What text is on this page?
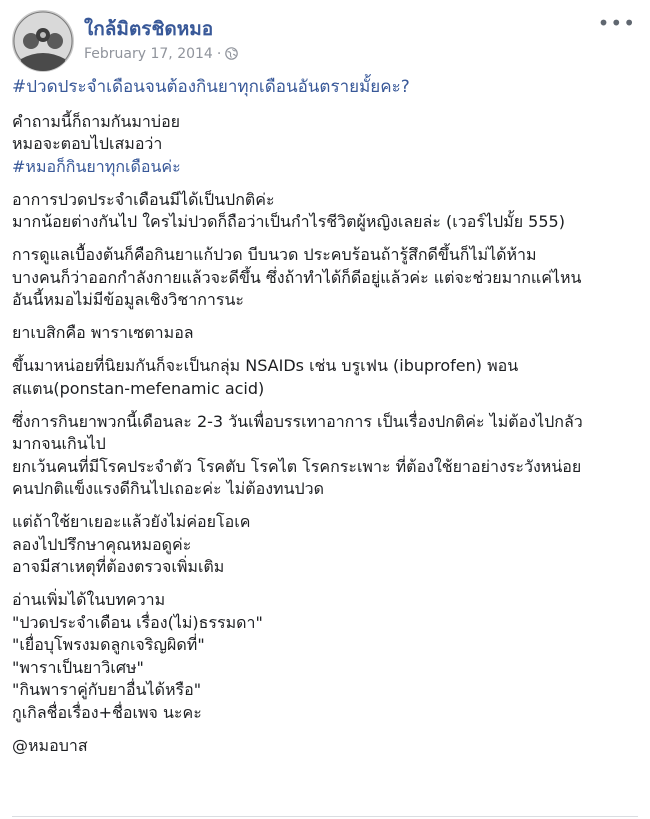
ใกล้มิตรชิดหมอ
February 17, 2014 ·
•••
#ปวดประจำเดือนจนต้องกินยาทุกเดือนอันตรายมั้ยคะ?
คำถามนี้ก็ถามกันมาบ่อย
หมอจะตอบไปเสมอว่า
#หมอก็กินยาทุกเดือนค่ะ
อาการปวดประจำเดือนมีได้เป็นปกติค่ะ
มากน้อยต่างกันไป ใครไม่ปวดก็ถือว่าเป็นกำไรชีวิตผู้หญิงเลยล่ะ (เวอร์ไปมั้ย 555)
การดูแลเบื้องต้นก็คือกินยาแก้ปวด บีบนวด ประคบร้อนถ้ารู้สึกดีขึ้นก็ไม่ได้ห้าม
บางคนก็ว่าออกกำลังกายแล้วจะดีขึ้น ซึ่งถ้าทำได้ก็ดีอยู่แล้วค่ะ แต่จะช่วยมากแค่ไหน
อันนี้หมอไม่มีข้อมูลเชิงวิชาการนะ
ยาเบสิกคือ พาราเซตามอล
ขึ้นมาหน่อยที่นิยมกันก็จะเป็นกลุ่ม NSAIDs เช่น บรูเฟน (ibuprofen) พอน
สแตน(ponstan-mefenamic acid)
ซึ่งการกินยาพวกนี้เดือนละ 2-3 วันเพื่อบรรเทาอาการ เป็นเรื่องปกติค่ะ ไม่ต้องไปกลัว
มากจนเกินไป
ยกเว้นคนที่มีโรคประจำตัว โรคตับ โรคไต โรคกระเพาะ ที่ต้องใช้ยาอย่างระวังหน่อย
คนปกติแข็งแรงดีกินไปเถอะค่ะ ไม่ต้องทนปวด
แต่ถ้าใช้ยาเยอะแล้วยังไม่ค่อยโอเค
ลองไปปรึกษาคุณหมอดูค่ะ
อาจมีสาเหตุที่ต้องตรวจเพิ่มเติม
อ่านเพิ่มได้ในบทความ
"ปวดประจำเดือน เรื่อง(ไม่)ธรรมดา"
"เยื่อบุโพรงมดลูกเจริญผิดที่"
"พาราเป็นยาวิเศษ"
"กินพาราคู่กับยาอื่นได้หรือ"
กูเกิลชื่อเรื่อง+ชื่อเพจ นะคะ
@หมอบาส
